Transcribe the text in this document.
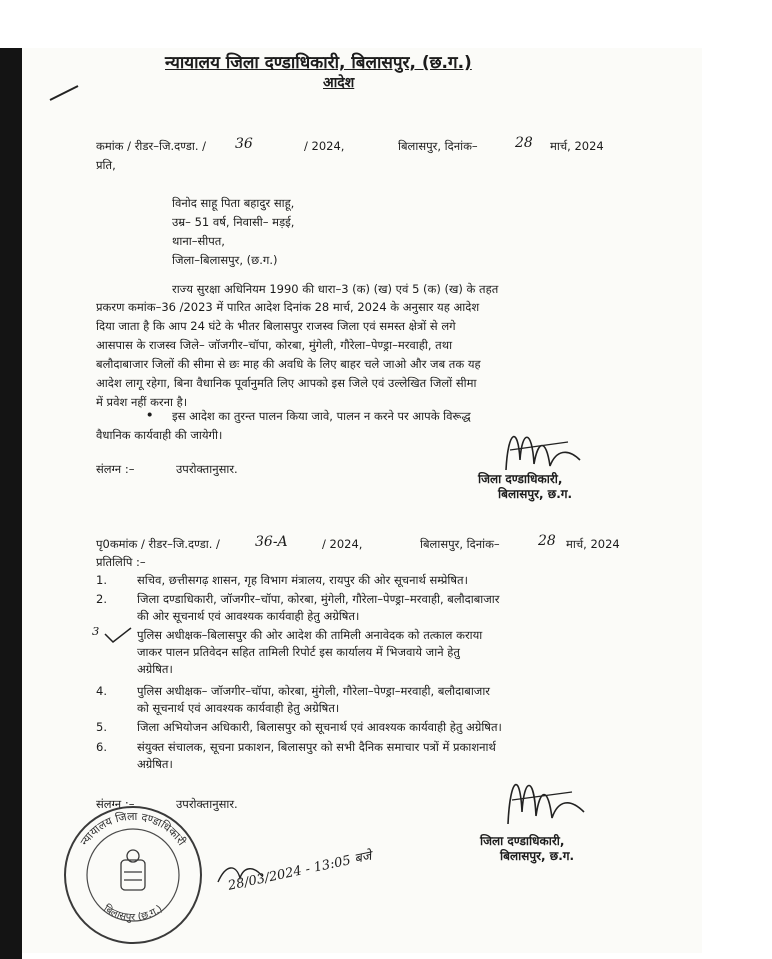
न्यायालय जिला दण्डाधिकारी, बिलासपुर, (छ.ग.)
आदेश
कमांक / रीडर–जि.दण्डा. / 36	/ 2024,	बिलासपुर, दिनांक–	28 मार्च, 2024
प्रति,
विनोद साहू पिता बहादुर साहू,
उम्र– 51 वर्ष, निवासी– मड़ई,
थाना–सीपत,
जिला–बिलासपुर, (छ.ग.)
राज्य सुरक्षा अधिनियम 1990 की धारा–3 (क) (ख) एवं 5 (क) (ख) के तहत
प्रकरण कमांक–36 /2023 में पारित आदेश दिनांक 28 मार्च, 2024 के अनुसार यह आदेश
दिया जाता है कि आप 24 घंटे के भीतर बिलासपुर राजस्व जिला एवं समस्त क्षेत्रों से लगे
आसपास के राजस्व जिले– जॉजगीर–चॉपा, कोरबा, मुंगेली, गौरेला–पेण्ड्रा–मरवाही, तथा
बलौदाबाजार जिलों की सीमा से छः माह की अवधि के लिए बाहर चले जाओ और जब तक यह
आदेश लागू रहेगा, बिना वैधानिक पूर्वानुमति लिए आपको इस जिले एवं उल्लेखित जिलों सीमा
में प्रवेश नहीं करना है।
• इस आदेश का तुरन्त पालन किया जावे, पालन न करने पर आपके विरूद्ध
वैधानिक कार्यवाही की जायेगी।
संलग्न :–	उपरोक्तानुसार.
जिला दण्डाधिकारी,
बिलासपुर, छ.ग.
पृ0कमांक / रीडर–जि.दण्डा. /	36-A	/ 2024,	बिलासपुर, दिनांक–	28 मार्च, 2024
प्रतिलिपि :–
1.	सचिव, छत्तीसगढ़ शासन, गृह विभाग मंत्रालय, रायपुर की ओर सूचनार्थ सम्प्रेषित।
2.	जिला दण्डाधिकारी, जॉजगीर–चॉपा, कोरबा, मुंगेली, गौरेला–पेण्ड्रा–मरवाही, बलौदाबाजार
की ओर सूचनार्थ एवं आवश्यक कार्यवाही हेतु अग्रेषित।
3	पुलिस अधीक्षक–बिलासपुर की ओर आदेश की तामिली अनावेदक को तत्काल कराया
जाकर पालन प्रतिवेदन सहित तामिली रिपोर्ट इस कार्यालय में भिजवाये जाने हेतु
अग्रेषित।
4.	पुलिस अधीक्षक– जॉजगीर–चॉपा, कोरबा, मुंगेली, गौरेला–पेण्ड्रा–मरवाही, बलौदाबाजार
को सूचनार्थ एवं आवश्यक कार्यवाही हेतु अग्रेषित।
5.	जिला अभियोजन अधिकारी, बिलासपुर को सूचनार्थ एवं आवश्यक कार्यवाही हेतु अग्रेषित।
6.	संयुक्त संचालक, सूचना प्रकाशन, बिलासपुर को सभी दैनिक समाचार पत्रों में प्रकाशनार्थ
अग्रेषित।
संलग्न :–	उपरोक्तानुसार.
जिला दण्डाधिकारी,
बिलासपुर, छ.ग.
न्यायालय जिला दण्डाधिकारी
बिलासपुर (छ.ग.)
28/03/2024 - 13:05 बजे
